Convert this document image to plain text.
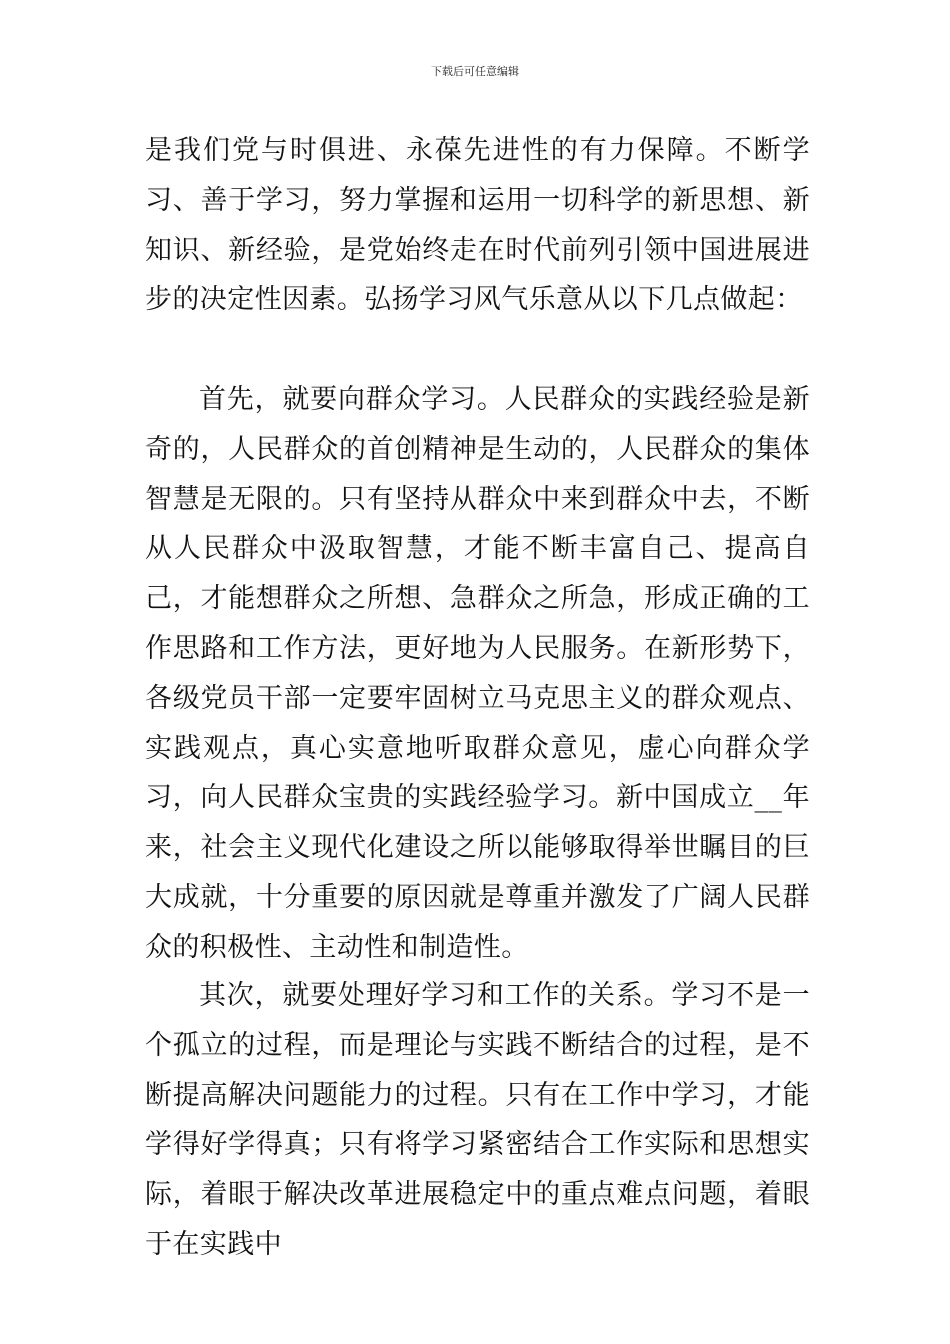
下载后可任意编辑

是我们党与时俱进、永葆先进性的有力保障。不断学习、善于学习，努力掌握和运用一切科学的新思想、新知识、新经验，是党始终走在时代前列引领中国进展进步的决定性因素。弘扬学习风气乐意从以下几点做起：

首先，就要向群众学习。人民群众的实践经验是新奇的，人民群众的首创精神是生动的，人民群众的集体智慧是无限的。只有坚持从群众中来到群众中去，不断从人民群众中汲取智慧，才能不断丰富自己、提高自己，才能想群众之所想、急群众之所急，形成正确的工作思路和工作方法，更好地为人民服务。在新形势下，各级党员干部一定要牢固树立马克思主义的群众观点、实践观点，真心实意地听取群众意见，虚心向群众学习，向人民群众宝贵的实践经验学习。新中国成立__年来，社会主义现代化建设之所以能够取得举世瞩目的巨大成就，十分重要的原因就是尊重并激发了广阔人民群众的积极性、主动性和制造性。

其次，就要处理好学习和工作的关系。学习不是一个孤立的过程，而是理论与实践不断结合的过程，是不断提高解决问题能力的过程。只有在工作中学习，才能学得好学得真；只有将学习紧密结合工作实际和思想实际，着眼于解决改革进展稳定中的重点难点问题，着眼于在实践中
